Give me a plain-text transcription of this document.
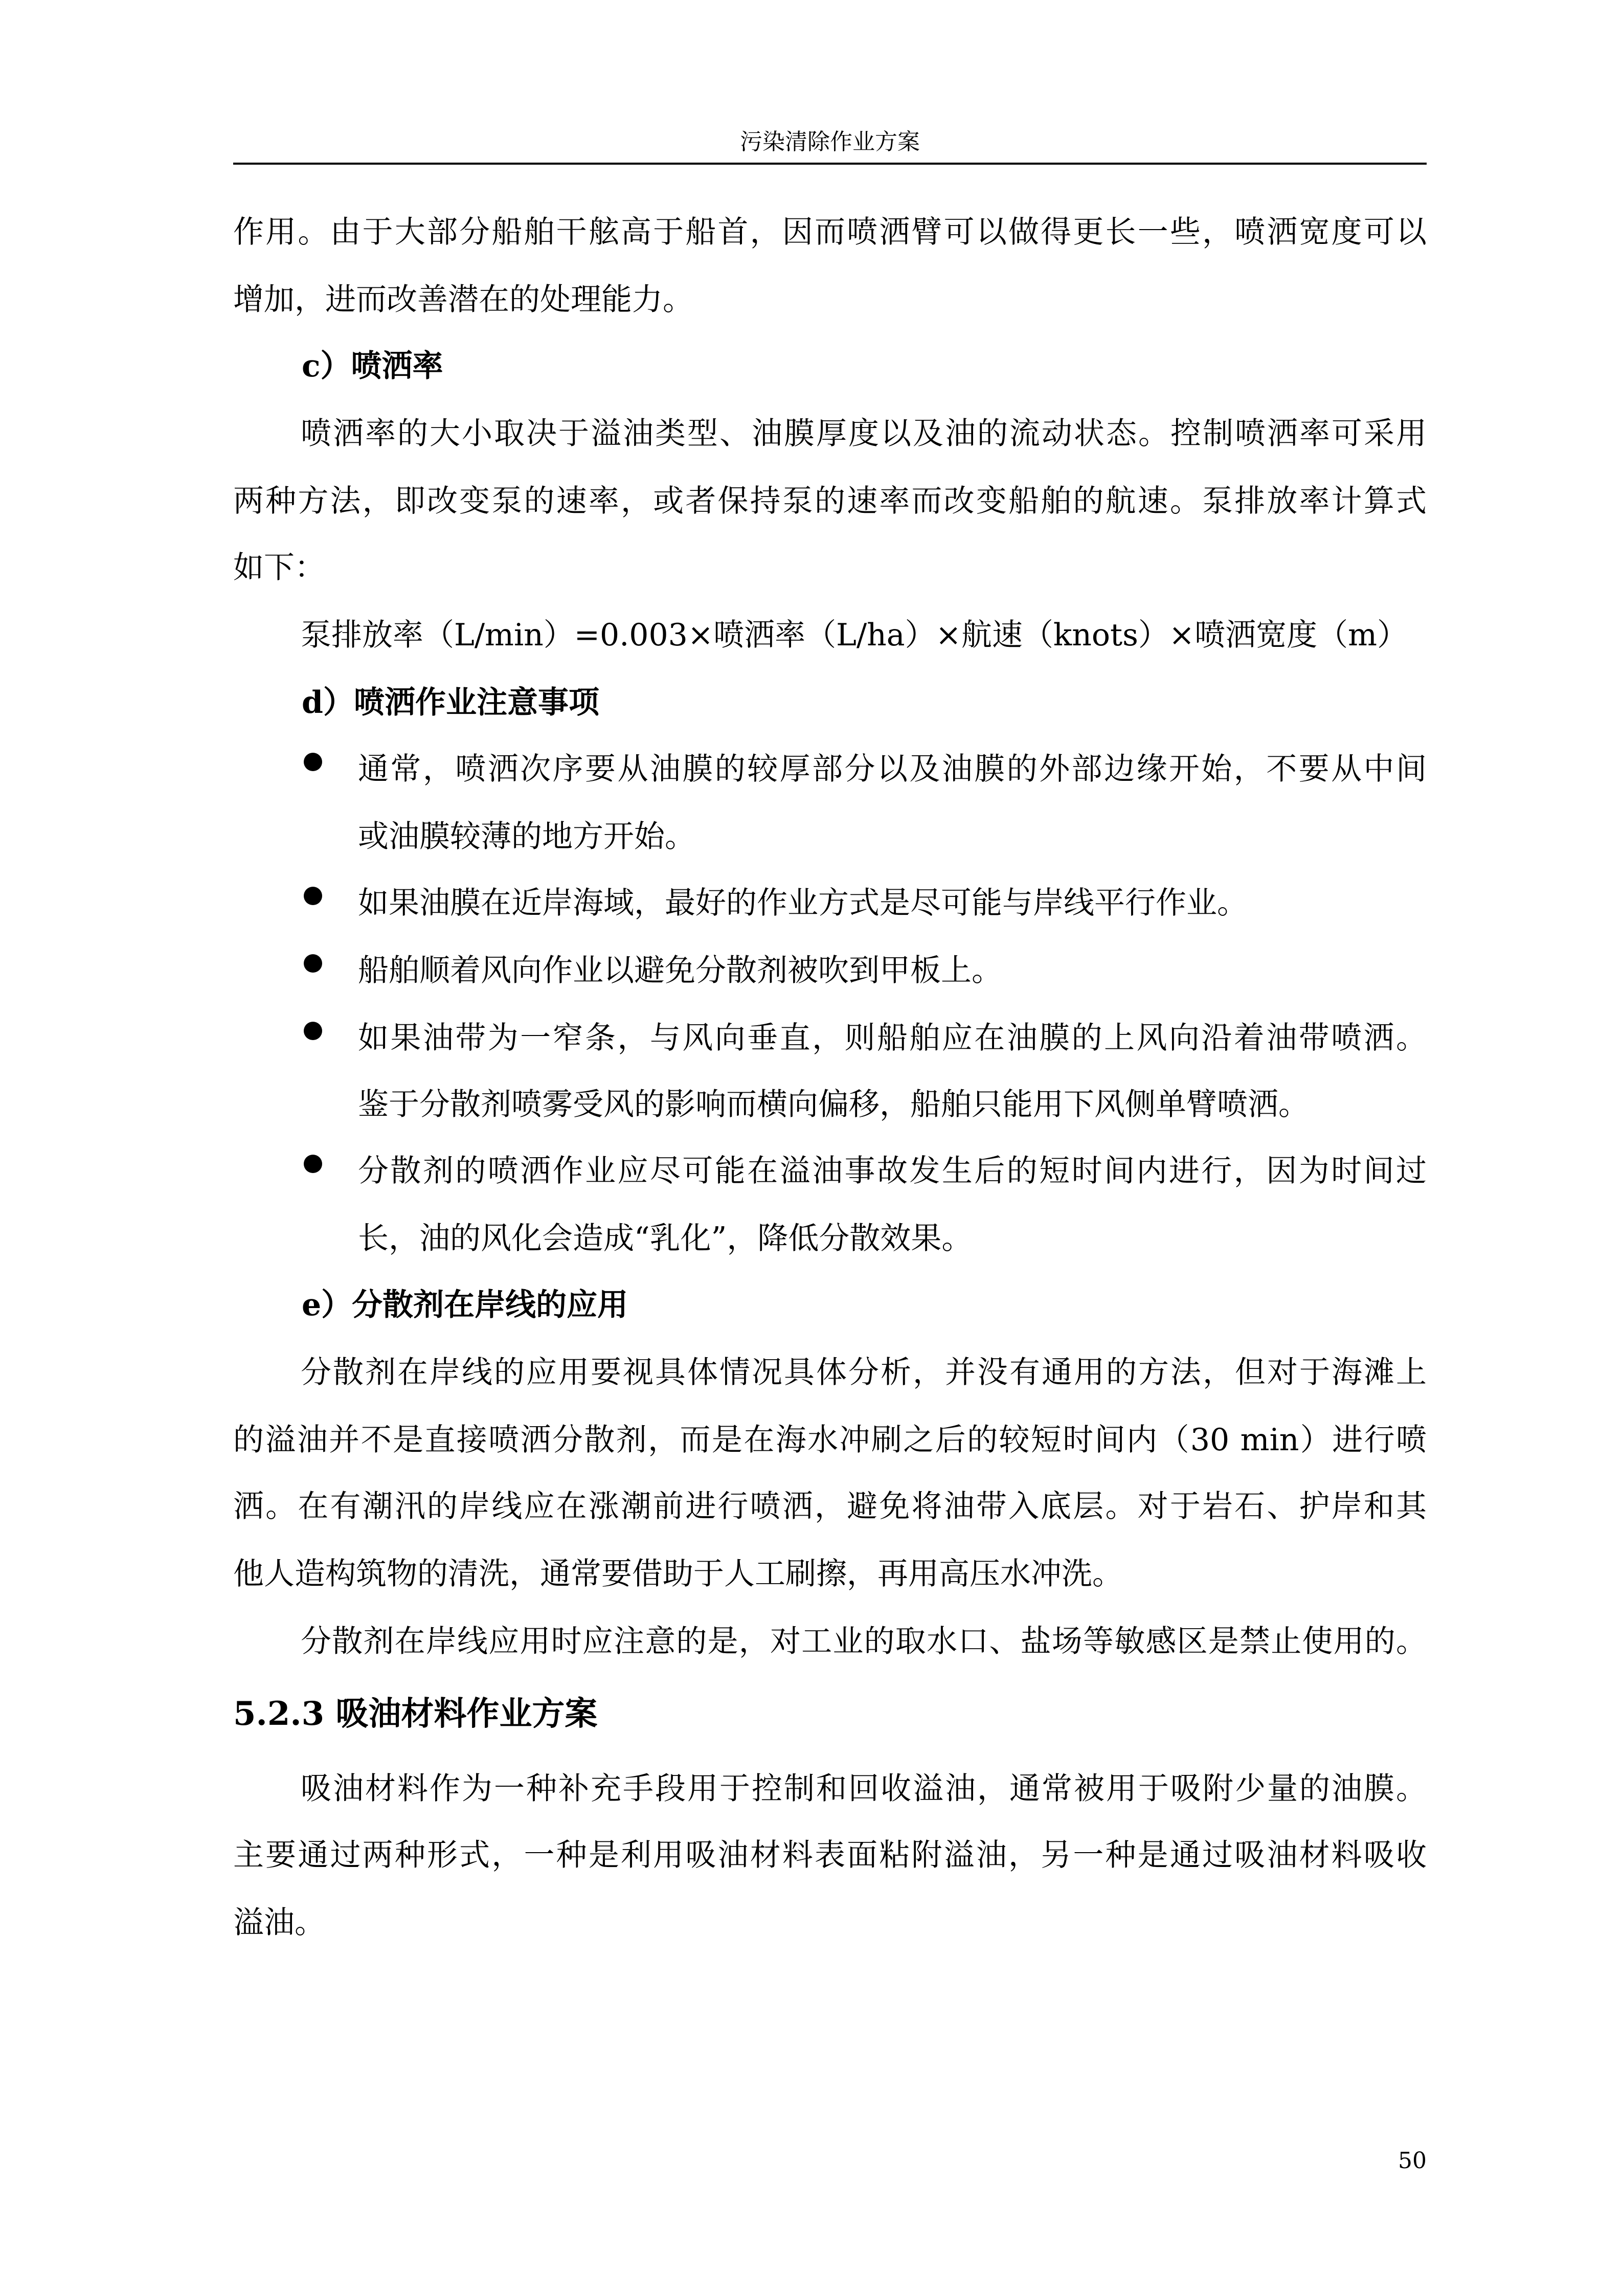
污染清除作业方案
作用。由于大部分船舶干舷高于船首，因而喷洒臂可以做得更长一些，喷洒宽度可以
增加，进而改善潜在的处理能力。
c）喷洒率
喷洒率的大小取决于溢油类型、油膜厚度以及油的流动状态。控制喷洒率可采用
两种方法，即改变泵的速率，或者保持泵的速率而改变船舶的航速。泵排放率计算式
如下：
泵排放率（L/min）=0.003×喷洒率（L/ha）×航速（knots）×喷洒宽度（m）
d）喷洒作业注意事项
通常，喷洒次序要从油膜的较厚部分以及油膜的外部边缘开始，不要从中间
或油膜较薄的地方开始。
如果油膜在近岸海域，最好的作业方式是尽可能与岸线平行作业。
船舶顺着风向作业以避免分散剂被吹到甲板上。
如果油带为一窄条，与风向垂直，则船舶应在油膜的上风向沿着油带喷洒。
鉴于分散剂喷雾受风的影响而横向偏移，船舶只能用下风侧单臂喷洒。
分散剂的喷洒作业应尽可能在溢油事故发生后的短时间内进行，因为时间过
长，油的风化会造成“乳化”，降低分散效果。
e）分散剂在岸线的应用
分散剂在岸线的应用要视具体情况具体分析，并没有通用的方法，但对于海滩上
的溢油并不是直接喷洒分散剂，而是在海水冲刷之后的较短时间内（30 min）进行喷
洒。在有潮汛的岸线应在涨潮前进行喷洒，避免将油带入底层。对于岩石、护岸和其
他人造构筑物的清洗，通常要借助于人工刷擦，再用高压水冲洗。
分散剂在岸线应用时应注意的是，对工业的取水口、盐场等敏感区是禁止使用的。
5.2.3 吸油材料作业方案
吸油材料作为一种补充手段用于控制和回收溢油，通常被用于吸附少量的油膜。
主要通过两种形式，一种是利用吸油材料表面粘附溢油，另一种是通过吸油材料吸收
溢油。
50
